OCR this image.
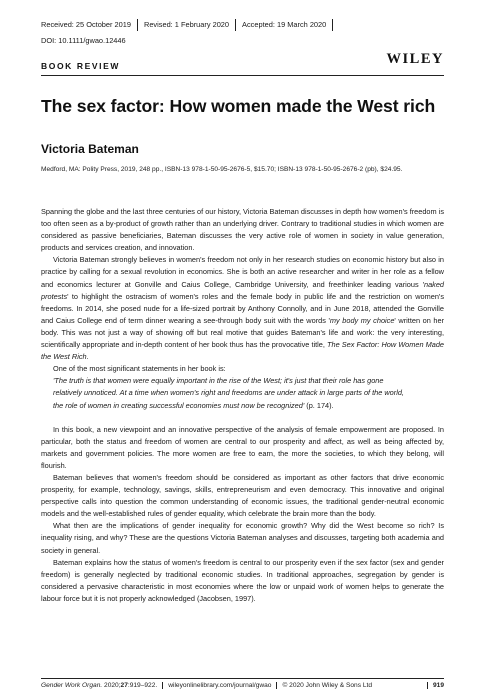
Received: 25 October 2019	Revised: 1 February 2020	Accepted: 19 March 2020
DOI: 10.1111/gwao.12446
WILEY
BOOK REVIEW
The sex factor: How women made the West rich
Victoria Bateman
Medford, MA: Polity Press, 2019, 248 pp., ISBN-13 978-1-50-95-2676-5, $15.70; ISBN-13 978-1-50-95-2676-2 (pb), $24.95.

Spanning the globe and the last three centuries of our history, Victoria Bateman discusses in depth how women's freedom is too often seen as a by-product of growth rather than an underlying driver. Contrary to traditional studies in which women are considered as passive beneficiaries, Bateman discusses the very active role of women in society in value generation, products and services creation, and innovation.

Victoria Bateman strongly believes in women's freedom not only in her research studies on economic history but also in practice by calling for a sexual revolution in economics. She is both an active researcher and writer in her role as a fellow and economics lecturer at Gonville and Caius College, Cambridge University, and freethinker leading various 'naked protests' to highlight the ostracism of women's roles and the female body in public life and the restriction on women's freedoms. In 2014, she posed nude for a life-sized portrait by Anthony Connolly, and in June 2018, attended the Gonville and Caius College end of term dinner wearing a see-through body suit with the words 'my body my choice' written on her body. This was not just a way of showing off but real motive that guides Bateman's life and work: the very interesting, scientifically appropriate and in-depth content of her book thus has the provocative title, The Sex Factor: How Women Made the West Rich.

One of the most significant statements in her book is:

'The truth is that women were equally important in the rise of the West; it's just that their role has gone relatively unnoticed. At a time when women's right and freedoms are under attack in large parts of the world, the role of women in creating successful economies must now be recognized' (p. 174).

In this book, a new viewpoint and an innovative perspective of the analysis of female empowerment are proposed. In particular, both the status and freedom of women are central to our prosperity and affect, as well as being affected by, markets and government policies. The more women are free to earn, the more the societies, to which they belong, will flourish.

Bateman believes that women's freedom should be considered as important as other factors that drive economic prosperity, for example, technology, savings, skills, entrepreneurism and even democracy. This innovative and original perspective calls into question the common understanding of economic issues, the traditional gender-neutral economic models and the well-established rules of gender equality, which celebrate the brain more than the body.

What then are the implications of gender inequality for economic growth? Why did the West become so rich? Is inequality rising, and why? These are the questions Victoria Bateman analyses and discusses, targeting both academia and society in general.

Bateman explains how the status of women's freedom is central to our prosperity even if the sex factor (sex and gender freedom) is generally neglected by traditional economic studies. In traditional approaches, segregation by gender is considered a pervasive characteristic in most economies where the low or unpaid work of women helps to generate the labour force but it is not properly acknowledged (Jacobsen, 1997).

Gender Work Organ. 2020;27:919–922.	wileyonlinelibrary.com/journal/gwao	© 2020 John Wiley & Sons Ltd	919
